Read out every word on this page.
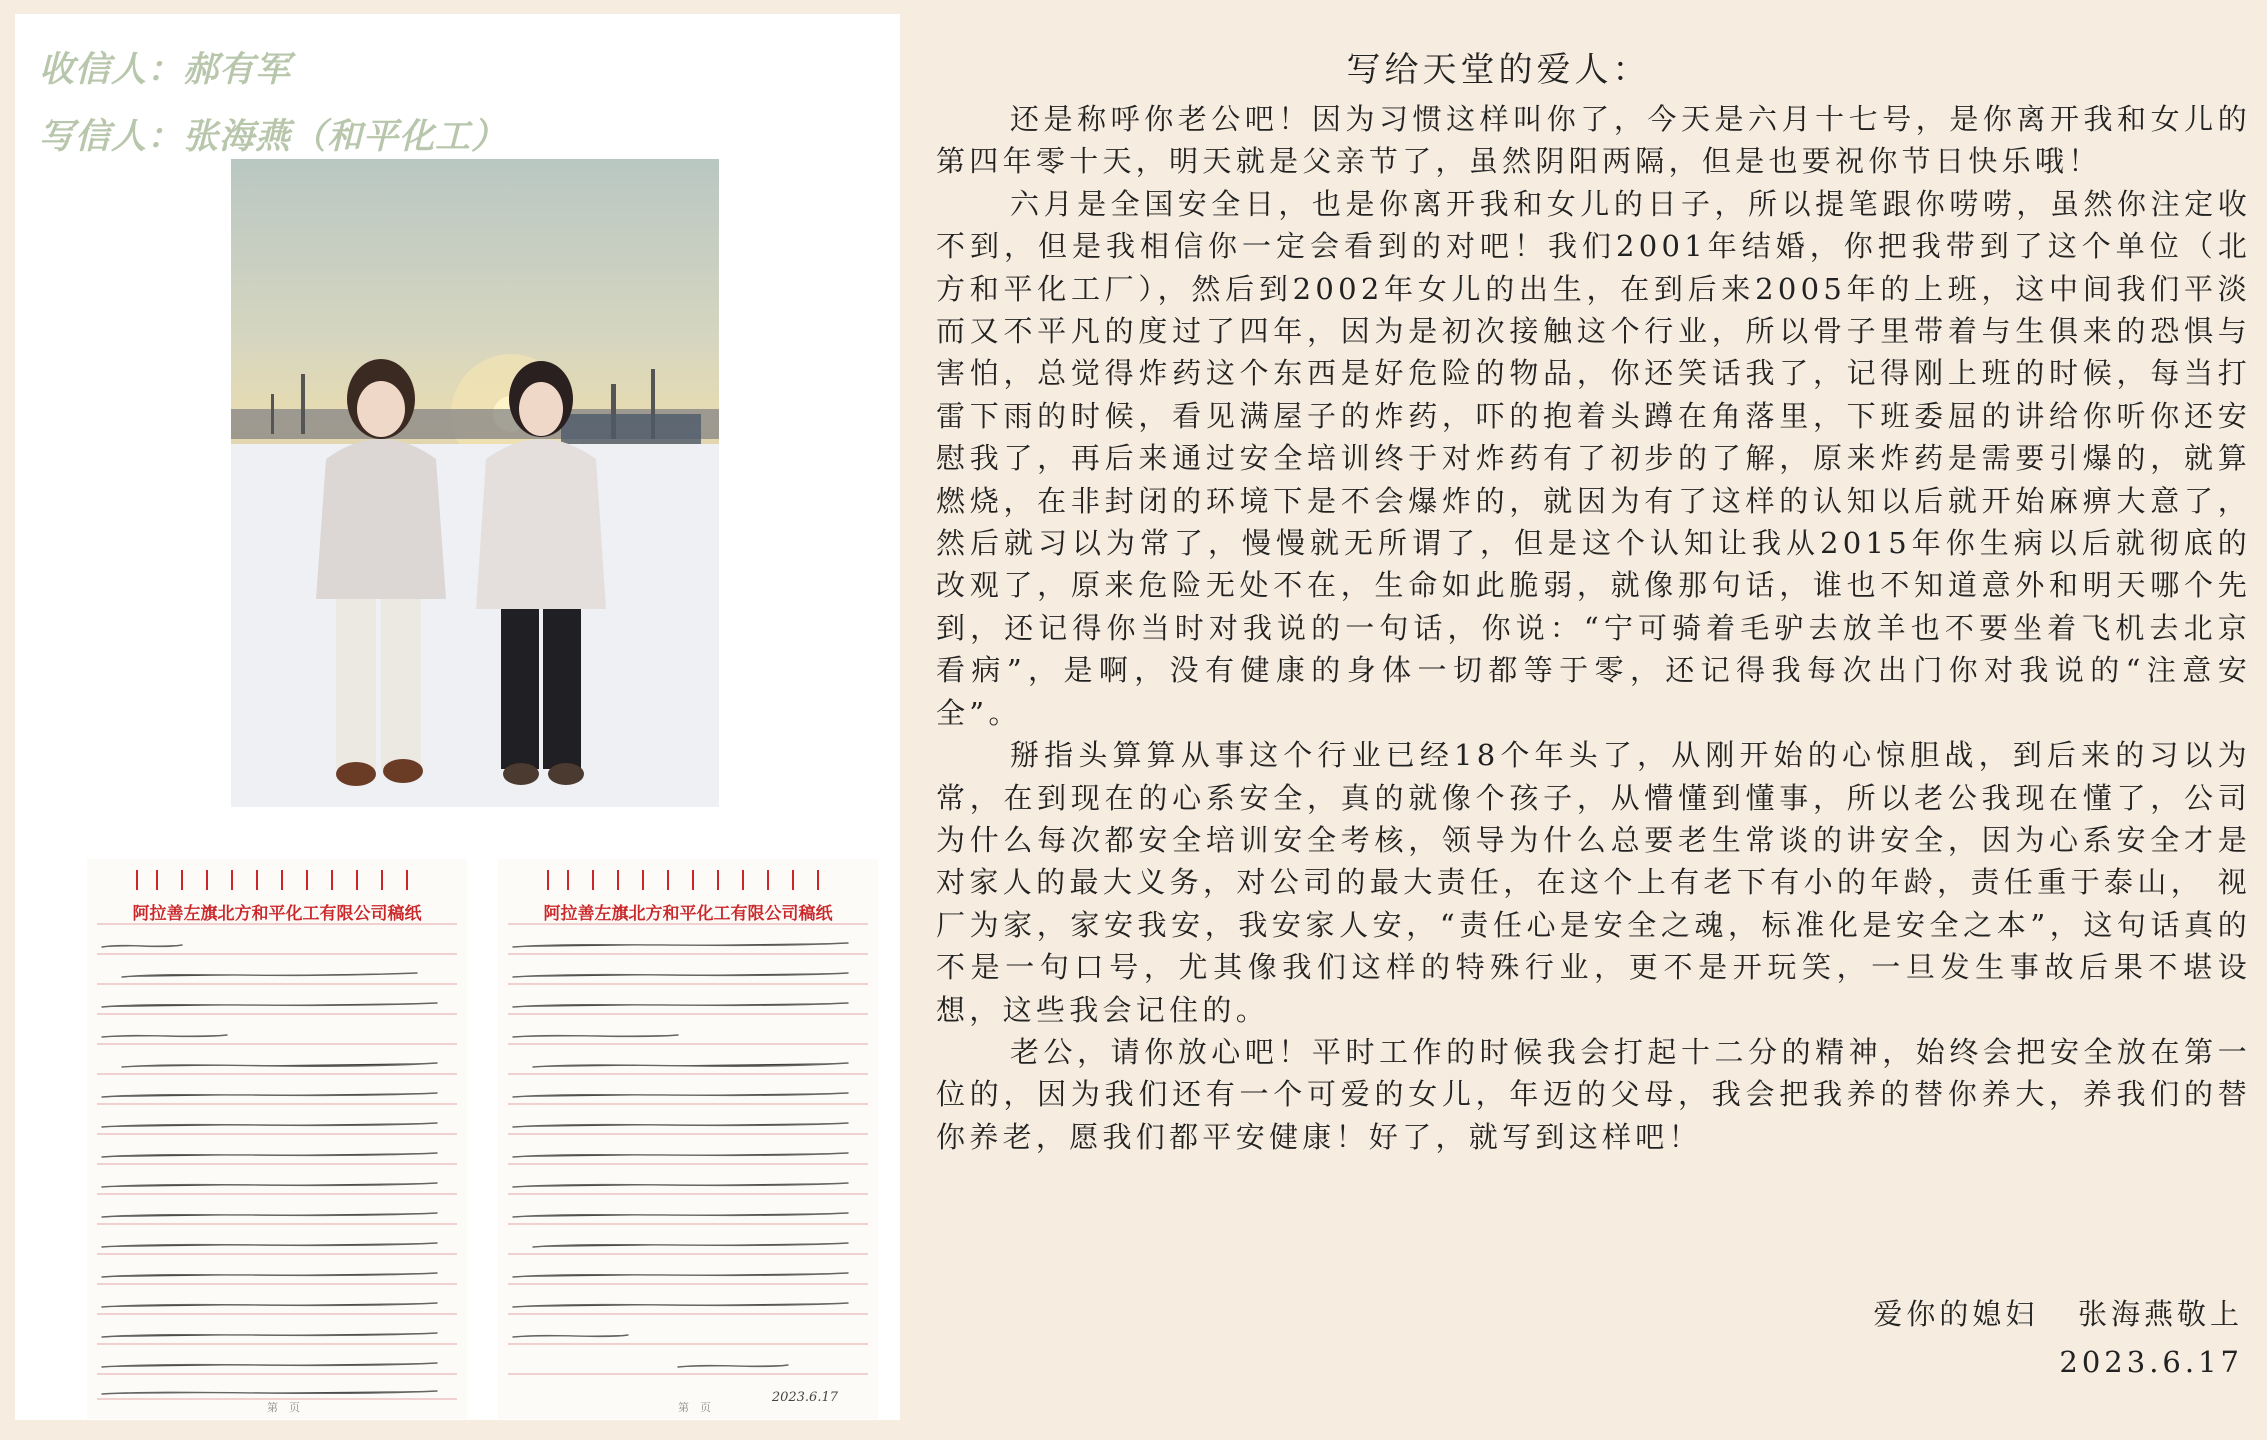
收信人：郝有军
写信人：张海燕（和平化工）
阿拉善左旗北方和平化工有限公司稿纸
第　页
阿拉善左旗北方和平化工有限公司稿纸
2023.6.17
第　页
写给天堂的爱人：

还是称呼你老公吧！因为习惯这样叫你了，今天是六月十七号，是你离开我和女儿的第四年零十天，明天就是父亲节了，虽然阴阳两隔，但是也要祝你节日快乐哦！

六月是全国安全日，也是你离开我和女儿的日子，所以提笔跟你唠唠，虽然你注定收不到，但是我相信你一定会看到的对吧！我们2001年结婚，你把我带到了这个单位（北方和平化工厂），然后到2002年女儿的出生，在到后来2005年的上班，这中间我们平淡而又不平凡的度过了四年，因为是初次接触这个行业，所以骨子里带着与生俱来的恐惧与害怕，总觉得炸药这个东西是好危险的物品，你还笑话我了，记得刚上班的时候，每当打雷下雨的时候，看见满屋子的炸药，吓的抱着头蹲在角落里，下班委屈的讲给你听你还安慰我了，再后来通过安全培训终于对炸药有了初步的了解，原来炸药是需要引爆的，就算燃烧，在非封闭的环境下是不会爆炸的，就因为有了这样的认知以后就开始麻痹大意了，然后就习以为常了，慢慢就无所谓了，但是这个认知让我从2015年你生病以后就彻底的改观了，原来危险无处不在，生命如此脆弱，就像那句话，谁也不知道意外和明天哪个先到，还记得你当时对我说的一句话，你说：“宁可骑着毛驴去放羊也不要坐着飞机去北京看病”，是啊，没有健康的身体一切都等于零，还记得我每次出门你对我说的“注意安全”。

掰指头算算从事这个行业已经18个年头了，从刚开始的心惊胆战，到后来的习以为常，在到现在的心系安全，真的就像个孩子，从懵懂到懂事，所以老公我现在懂了，公司为什么每次都安全培训安全考核，领导为什么总要老生常谈的讲安全，因为心系安全才是对家人的最大义务，对公司的最大责任，在这个上有老下有小的年龄，责任重于泰山， 视厂为家，家安我安，我安家人安，“责任心是安全之魂，标准化是安全之本”，这句话真的不是一句口号，尤其像我们这样的特殊行业，更不是开玩笑，一旦发生事故后果不堪设想，这些我会记住的。

老公，请你放心吧！平时工作的时候我会打起十二分的精神，始终会把安全放在第一位的，因为我们还有一个可爱的女儿，年迈的父母，我会把我养的替你养大，养我们的替你养老，愿我们都平安健康！好了，就写到这样吧！

爱你的媳妇   张海燕敬上
2023.6.17
